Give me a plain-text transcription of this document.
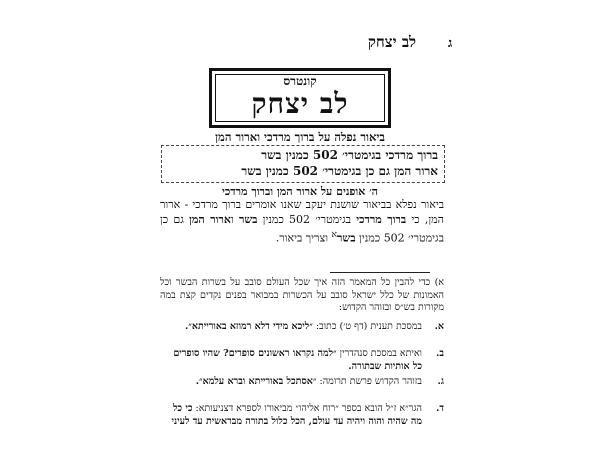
לב יצחק	ג
קונטרס
לב יצחק
ביאור נפלה על ברוך מרדכי וארור המן
ברוך מרדכי בגימטרי׳ 502 כמנין בשר
ארור המן גם כן בגימטרי׳ 502 כמנין בשר
ה׳ אופנים על ארור המן וברוך מרדכי
ביאור נפלא בביאור שושנת יעקב שאנו אומרים ברוך מרדכי - ארור המן, כי ברוך מרדכי בגימטרי׳ 502 כמנין בשר וארור המן גם כן בגימטרי׳ 502 כמנין בשר$^א$ וצריך ביאור.
א) כדי להבין כל המאמר הזה איך שכל העולם סובב על בשרות הבשר וכל האמונות של כלל ישראל סובב על הכשרות במבואר בפנים נקדים קצת במה מקורות בש״ס ובזוהר הקדוש:
א.
במסכת תענית (דף ט׳) כתוב: ״ליכא מידי דלא רמוזא באורייתא״.
ב.
ואיתא במסכת סנהדרין ״למה נקראו ראשונים סופרים? שהיו סופרים כל אותיות שבתורה.
ג.
בזוהר הקדוש פרשת תרומה: ״אסתכל באורייתא וברא עלמא״.
ד.
הגר״א ז״ל הובא בספר ״רוח אליהו״ מביאורו לספרא דצניעותא: כי כל מה שהיה והוה ויהיה עד עולם, הכל כלול בתורה מבראשית עד לעיני
